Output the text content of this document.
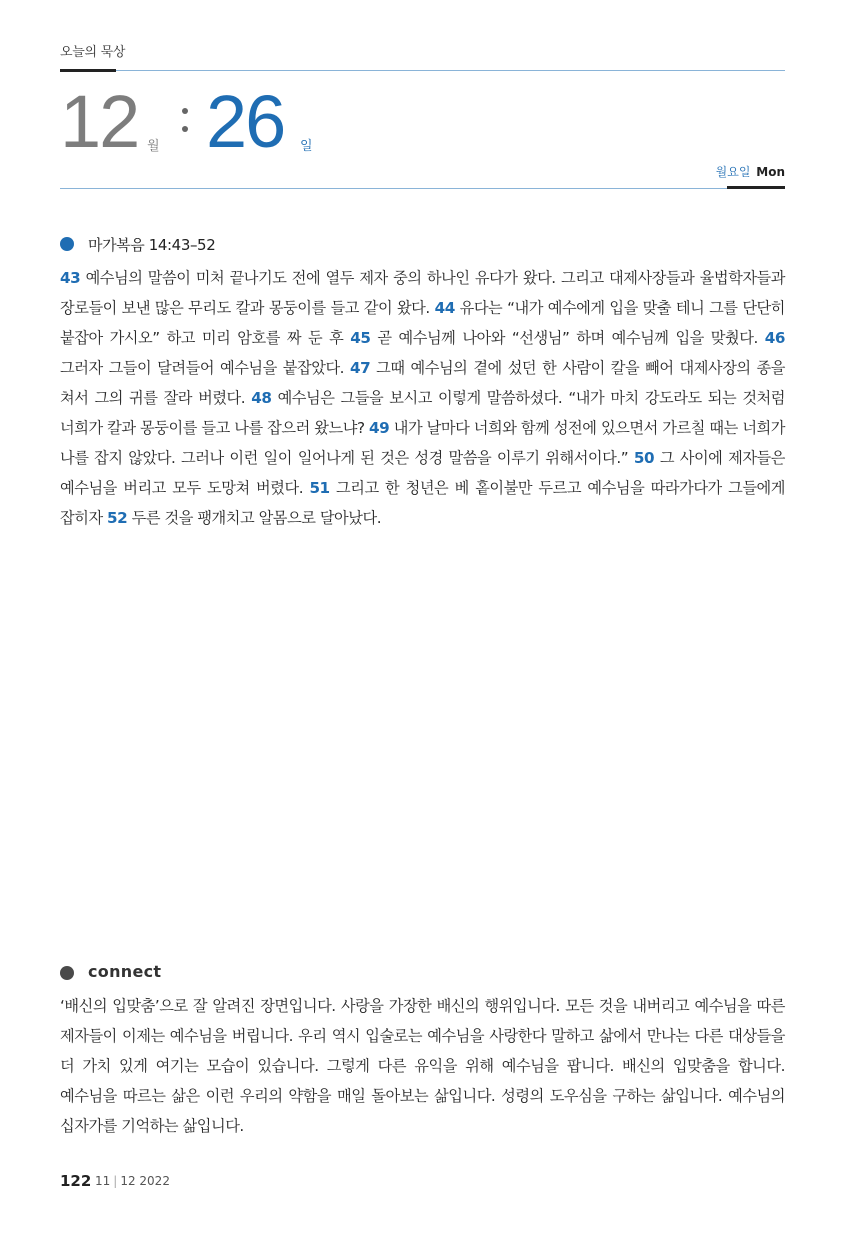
오늘의 묵상
12 월 26 일
월요일 Mon
마가복음 14:43–52
43 예수님의 말씀이 미처 끝나기도 전에 열두 제자 중의 하나인 유다가 왔다. 그리고 대제사장들과 율법학자들과 장로들이 보낸 많은 무리도 칼과 몽둥이를 들고 같이 왔다. 44 유다는 “내가 예수에게 입을 맞출 테니 그를 단단히 붙잡아 가시오” 하고 미리 암호를 짜 둔 후 45 곧 예수님께 나아와 “선생님” 하며 예수님께 입을 맞췄다. 46 그러자 그들이 달려들어 예수님을 붙잡았다. 47 그때 예수님의 곁에 섰던 한 사람이 칼을 빼어 대제사장의 종을 쳐서 그의 귀를 잘라 버렸다. 48 예수님은 그들을 보시고 이렇게 말씀하셨다. “내가 마치 강도라도 되는 것처럼 너희가 칼과 몽둥이를 들고 나를 잡으러 왔느냐? 49 내가 날마다 너희와 함께 성전에 있으면서 가르칠 때는 너희가 나를 잡지 않았다. 그러나 이런 일이 일어나게 된 것은 성경 말씀을 이루기 위해서이다.” 50 그 사이에 제자들은 예수님을 버리고 모두 도망쳐 버렸다. 51 그리고 한 청년은 베 홑이불만 두르고 예수님을 따라가다가 그들에게 잡히자 52 두른 것을 팽개치고 알몸으로 달아났다.
connect
‘배신의 입맞춤’으로 잘 알려진 장면입니다. 사랑을 가장한 배신의 행위입니다. 모든 것을 내버리고 예수님을 따른 제자들이 이제는 예수님을 버립니다. 우리 역시 입술로는 예수님을 사랑한다 말하고 삶에서 만나는 다른 대상들을 더 가치 있게 여기는 모습이 있습니다. 그렇게 다른 유익을 위해 예수님을 팝니다. 배신의 입맞춤을 합니다. 예수님을 따르는 삶은 이런 우리의 약함을 매일 돌아보는 삶입니다. 성령의 도우심을 구하는 삶입니다. 예수님의 십자가를 기억하는 삶입니다.
122 11 | 12 2022
